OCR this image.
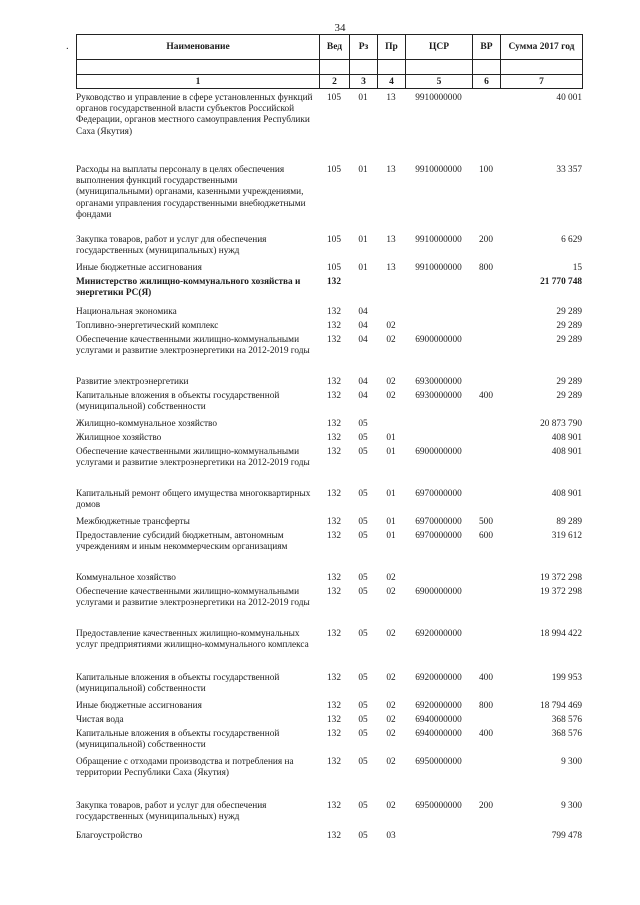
34
.	Наименование	Вед	Рз	Пр	ЦСР	ВР	Сумма 2017 год

1	2	3	4	5	6	7
Руководство и управление в сфере установленных функций органов государственной власти субъектов Российской Федерации, органов местного самоуправления Республики Саха (Якутия)	105	01	13	9910000000		40 001
Расходы на выплаты персоналу в целях обеспечения выполнения функций государственными (муниципальными) органами, казенными учреждениями, органами управления государственными внебюджетными фондами	105	01	13	9910000000	100	33 357
Закупка товаров, работ и услуг для обеспечения государственных (муниципальных) нужд	105	01	13	9910000000	200	6 629
Иные бюджетные ассигнования	105	01	13	9910000000	800	15
Министерство жилищно-коммунального хозяйства и энергетики РС(Я)	132					21 770 748
Национальная экономика	132	04				29 289
Топливно-энергетический комплекс	132	04	02			29 289
Обеспечение качественными жилищно-коммунальными услугами и развитие электроэнергетики на 2012-2019 годы	132	04	02	6900000000		29 289
Развитие электроэнергетики	132	04	02	6930000000		29 289
Капитальные вложения в объекты государственной (муниципальной) собственности	132	04	02	6930000000	400	29 289
Жилищно-коммунальное хозяйство	132	05				20 873 790
Жилищное хозяйство	132	05	01			408 901
Обеспечение качественными жилищно-коммунальными услугами и развитие электроэнергетики на 2012-2019 годы	132	05	01	6900000000		408 901
Капитальный ремонт общего имущества многоквартирных домов	132	05	01	6970000000		408 901
Межбюджетные трансферты	132	05	01	6970000000	500	89 289
Предоставление субсидий бюджетным, автономным учреждениям и иным некоммерческим организациям	132	05	01	6970000000	600	319 612
Коммунальное хозяйство	132	05	02			19 372 298
Обеспечение качественными жилищно-коммунальными услугами и развитие электроэнергетики на 2012-2019 годы	132	05	02	6900000000		19 372 298
Предоставление качественных жилищно-коммунальных услуг предприятиями жилищно-коммунального комплекса	132	05	02	6920000000		18 994 422
Капитальные вложения в объекты государственной (муниципальной) собственности	132	05	02	6920000000	400	199 953
Иные бюджетные ассигнования	132	05	02	6920000000	800	18 794 469
Чистая вода	132	05	02	6940000000		368 576
Капитальные вложения в объекты государственной (муниципальной) собственности	132	05	02	6940000000	400	368 576
Обращение с отходами производства и потребления на территории Республики Саха (Якутия)	132	05	02	6950000000		9 300
Закупка товаров, работ и услуг для обеспечения государственных (муниципальных) нужд	132	05	02	6950000000	200	9 300
Благоустройство	132	05	03			799 478
